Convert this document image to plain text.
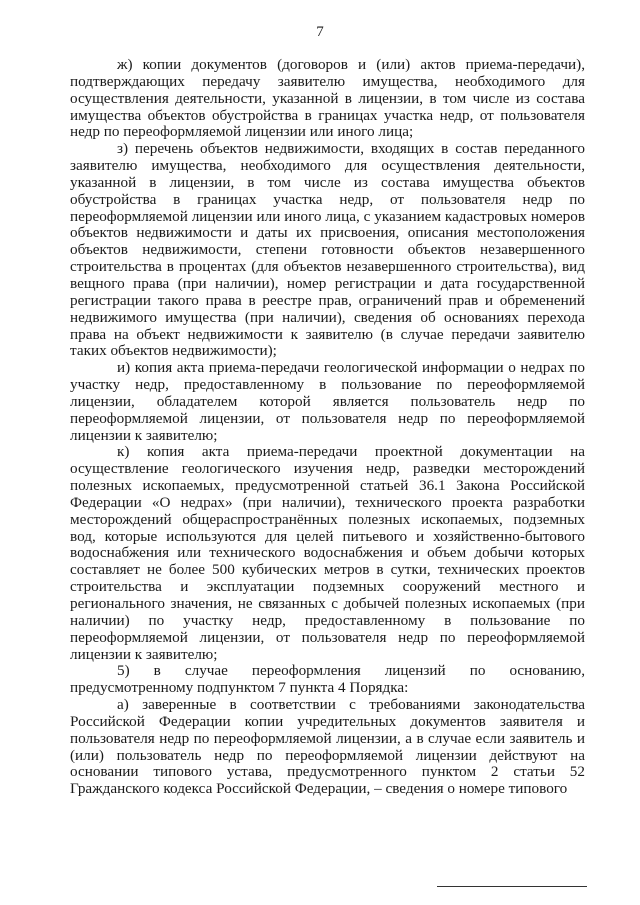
7

ж) копии документов (договоров и (или) актов приема-передачи), подтверждающих передачу заявителю имущества, необходимого для осуществления деятельности, указанной в лицензии, в том числе из состава имущества объектов обустройства в границах участка недр, от пользователя недр по переоформляемой лицензии или иного лица;

з) перечень объектов недвижимости, входящих в состав переданного заявителю имущества, необходимого для осуществления деятельности, указанной в лицензии, в том числе из состава имущества объектов обустройства в границах участка недр, от пользователя недр по переоформляемой лицензии или иного лица, с указанием кадастровых номеров объектов недвижимости и даты их присвоения, описания местоположения объектов недвижимости, степени готовности объектов незавершенного строительства в процентах (для объектов незавершенного строительства), вид вещного права (при наличии), номер регистрации и дата государственной регистрации такого права в реестре прав, ограничений прав и обременений недвижимого имущества (при наличии), сведения об основаниях перехода права на объект недвижимости к заявителю (в случае передачи заявителю таких объектов недвижимости);

и) копия акта приема-передачи геологической информации о недрах по участку недр, предоставленному в пользование по переоформляемой лицензии, обладателем которой является пользователь недр по переоформляемой лицензии, от пользователя недр по переоформляемой лицензии к заявителю;

к) копия акта приема-передачи проектной документации на осуществление геологического изучения недр, разведки месторождений полезных ископаемых, предусмотренной статьей 36.1 Закона Российской Федерации «О недрах» (при наличии), технического проекта разработки месторождений общераспространённых полезных ископаемых, подземных вод, которые используются для целей питьевого и хозяйственно-бытового водоснабжения или технического водоснабжения и объем добычи которых составляет не более 500 кубических метров в сутки, технических проектов строительства и эксплуатации подземных сооружений местного и регионального значения, не связанных с добычей полезных ископаемых (при наличии) по участку недр, предоставленному в пользование по переоформляемой лицензии, от пользователя недр по переоформляемой лицензии к заявителю;

5) в случае переоформления лицензий по основанию, предусмотренному подпунктом 7 пункта 4 Порядка:

а) заверенные в соответствии с требованиями законодательства Российской Федерации копии учредительных документов заявителя и пользователя недр по переоформляемой лицензии, а в случае если заявитель и (или) пользователь недр по переоформляемой лицензии действуют на основании типового устава, предусмотренного пунктом 2 статьи 52 Гражданского кодекса Российской Федерации, – сведения о номере типового
